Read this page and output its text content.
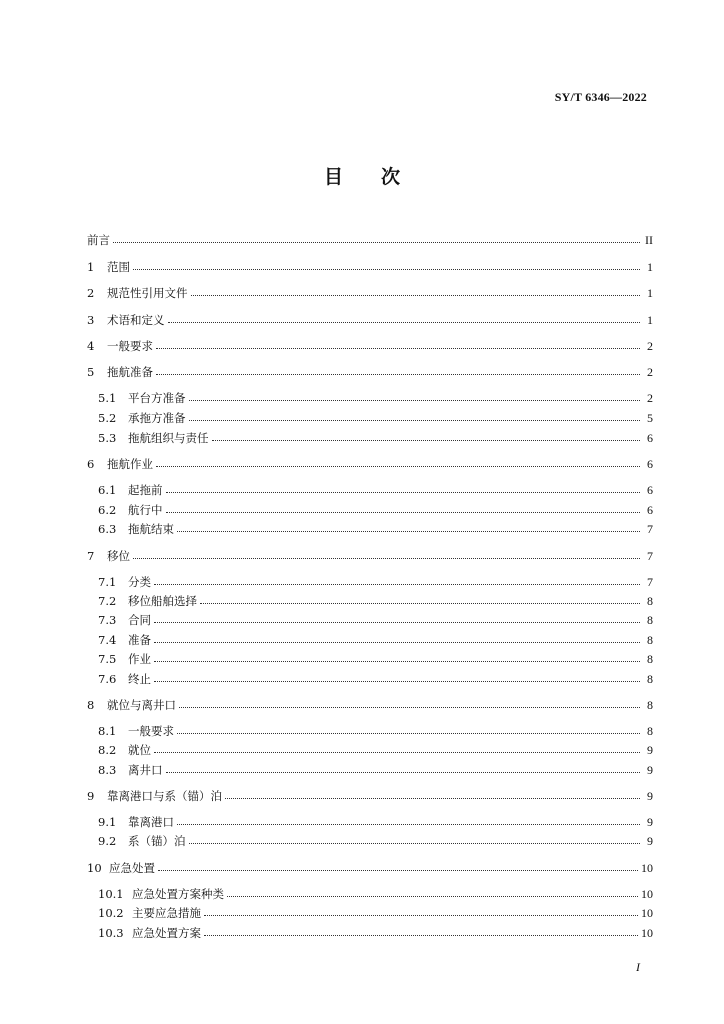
SY/T 6346—2022
目 次
前言	II
1	范围	1
2	规范性引用文件	1
3	术语和定义	1
4	一般要求	2
5	拖航准备	2
5.1	平台方准备	2
5.2	承拖方准备	5
5.3	拖航组织与责任	6
6	拖航作业	6
6.1	起拖前	6
6.2	航行中	6
6.3	拖航结束	7
7	移位	7
7.1	分类	7
7.2	移位船舶选择	8
7.3	合同	8
7.4	准备	8
7.5	作业	8
7.6	终止	8
8	就位与离井口	8
8.1	一般要求	8
8.2	就位	9
8.3	离井口	9
9	靠离港口与系（锚）泊	9
9.1	靠离港口	9
9.2	系（锚）泊	9
10 应急处置	10
10.1 应急处置方案种类	10
10.2 主要应急措施	10
10.3 应急处置方案	10
I
